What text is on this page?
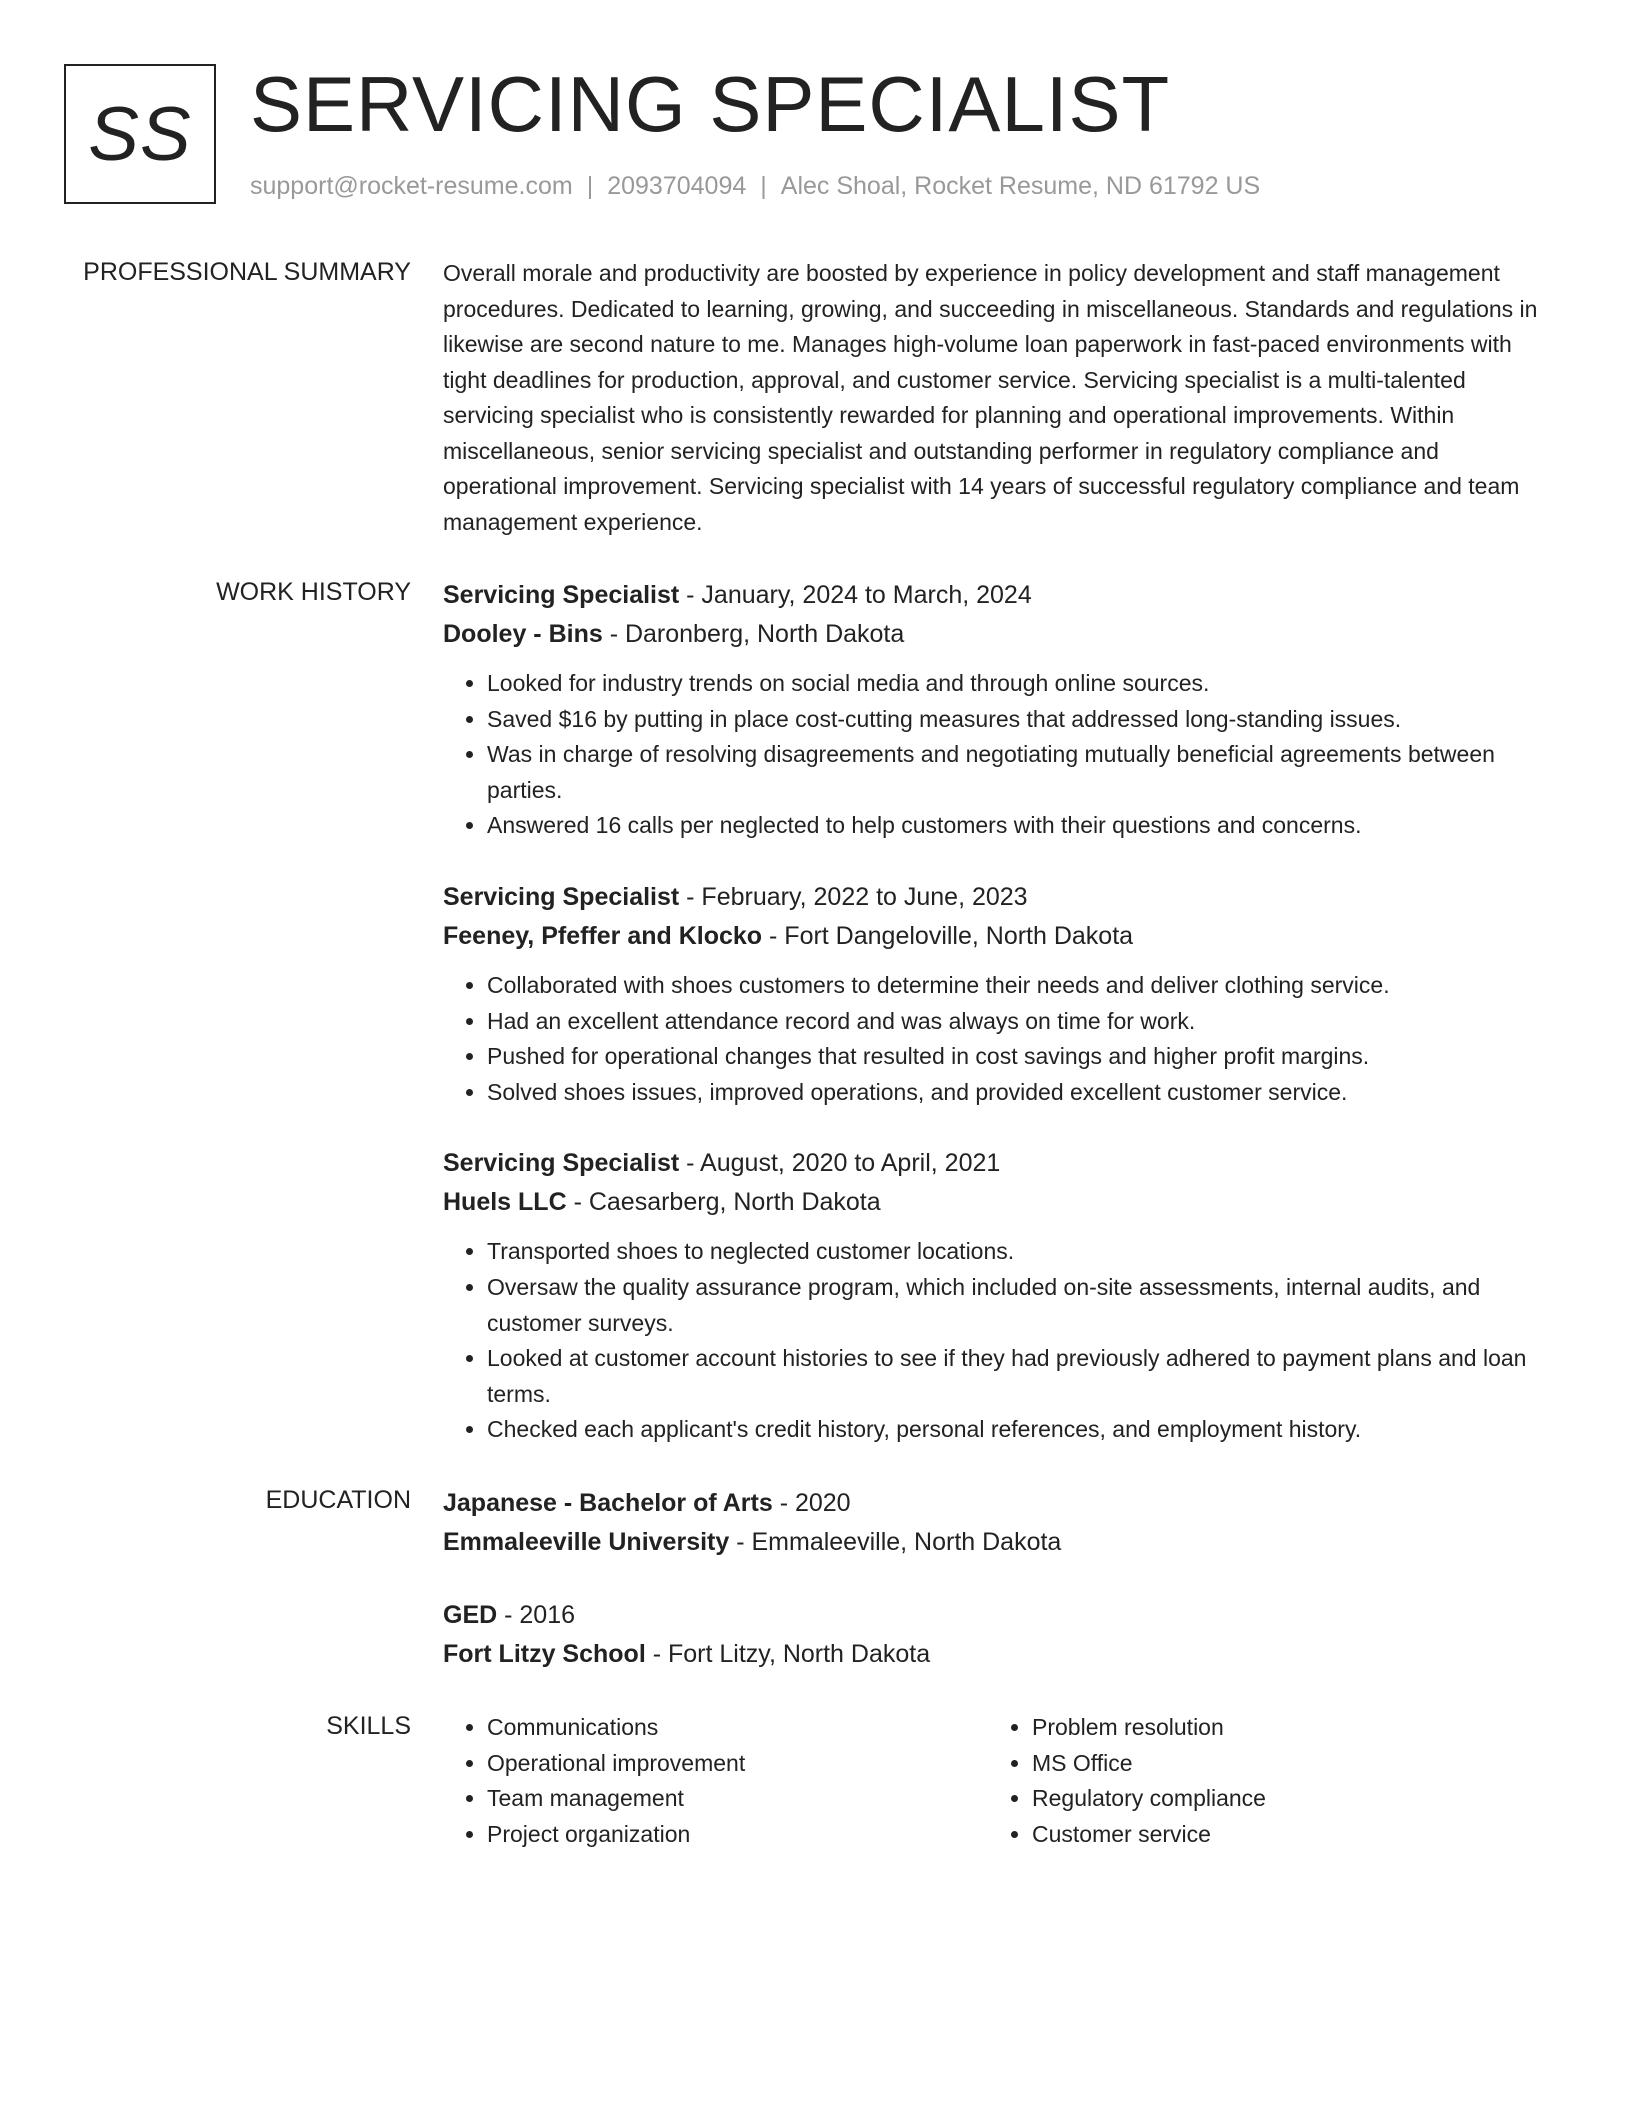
SS SERVICING SPECIALIST
support@rocket-resume.com | 2093704094 | Alec Shoal, Rocket Resume, ND 61792 US
PROFESSIONAL SUMMARY Overall morale and productivity are boosted by experience in policy development and staff management procedures. Dedicated to learning, growing, and succeeding in miscellaneous. Standards and regulations in likewise are second nature to me. Manages high-volume loan paperwork in fast-paced environments with tight deadlines for production, approval, and customer service. Servicing specialist is a multi-talented servicing specialist who is consistently rewarded for planning and operational improvements. Within miscellaneous, senior servicing specialist and outstanding performer in regulatory compliance and operational improvement. Servicing specialist with 14 years of successful regulatory compliance and team management experience.

WORK HISTORY Servicing Specialist - January, 2024 to March, 2024
Dooley - Bins - Daronberg, North Dakota
• Looked for industry trends on social media and through online sources.
• Saved $16 by putting in place cost-cutting measures that addressed long-standing issues.
• Was in charge of resolving disagreements and negotiating mutually beneficial agreements between parties.
• Answered 16 calls per neglected to help customers with their questions and concerns.
Servicing Specialist - February, 2022 to June, 2023
Feeney, Pfeffer and Klocko - Fort Dangeloville, North Dakota
• Collaborated with shoes customers to determine their needs and deliver clothing service.
• Had an excellent attendance record and was always on time for work.
• Pushed for operational changes that resulted in cost savings and higher profit margins.
• Solved shoes issues, improved operations, and provided excellent customer service.
Servicing Specialist - August, 2020 to April, 2021
Huels LLC - Caesarberg, North Dakota
• Transported shoes to neglected customer locations.
• Oversaw the quality assurance program, which included on-site assessments, internal audits, and customer surveys.
• Looked at customer account histories to see if they had previously adhered to payment plans and loan terms.
• Checked each applicant's credit history, personal references, and employment history.
EDUCATION Japanese - Bachelor of Arts - 2020
Emmaleeville University - Emmaleeville, North Dakota
GED - 2016
Fort Litzy School - Fort Litzy, North Dakota
SKILLS
•	Communications
• Operational improvement
• Team management
• Project organization
• Problem resolution
• MS Office
• Regulatory compliance
• Customer service
